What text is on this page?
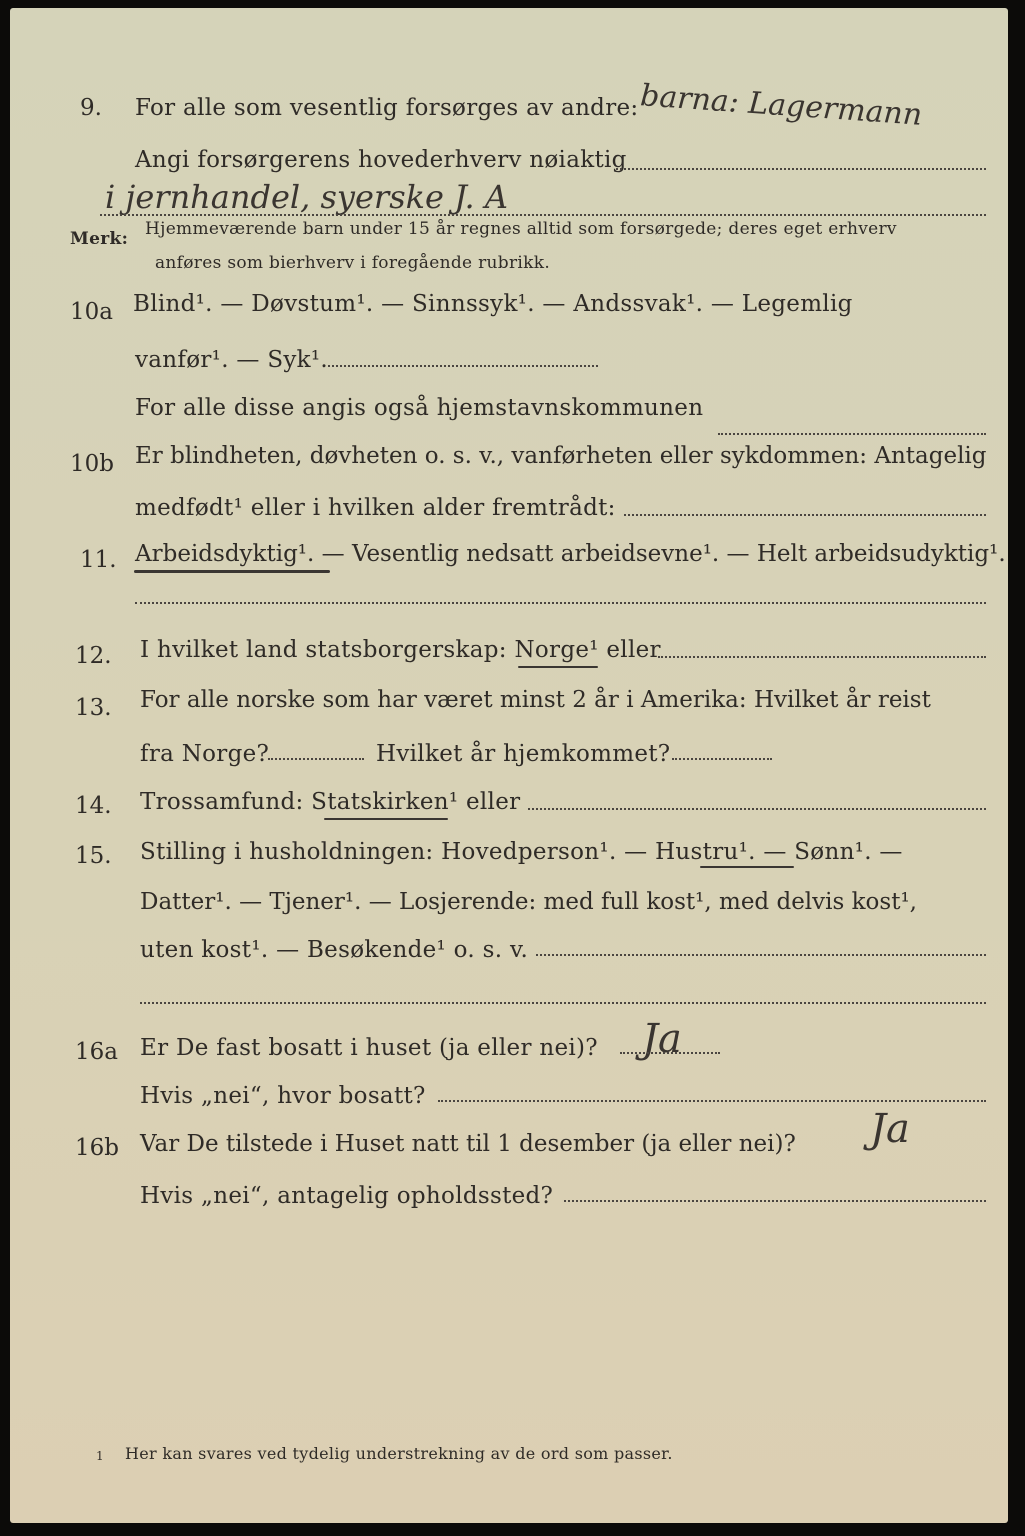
9. For alle som vesentlig forsørges av andre: barna: Lagermann
Angi forsørgerens hovederhverv nøiaktig
i jernhandel, syerske J. A
Merk: Hjemmeværende barn under 15 år regnes alltid som forsørgede; deres eget erhverv
anføres som bierhverv i foregående rubrikk.
10a Blind¹. — Døvstum¹. — Sinnssyk¹. — Andssvak¹. — Legemlig
vanfør¹. — Syk¹.
For alle disse angis også hjemstavnskommunen
10b Er blindheten, døvheten o. s. v., vanførheten eller sykdommen: Antagelig
medfødt¹ eller i hvilken alder fremtrådt:
11. Arbeidsdyktig¹. — Vesentlig nedsatt arbeidsevne¹. — Helt arbeidsudyktig¹.
12. I hvilket land statsborgerskap: Norge¹ eller
13. For alle norske som har været minst 2 år i Amerika: Hvilket år reist
fra Norge?	Hvilket år hjemkommet?
14. Trossamfund: Statskirken¹ eller
15. Stilling i husholdningen: Hovedperson¹. — Hustru¹. — Sønn¹. —
Datter¹. — Tjener¹. — Losjerende: med full kost¹, med delvis kost¹,
uten kost¹. — Besøkende¹ o. s. v.
16a Er De fast bosatt i huset (ja eller nei)? Ja
Hvis „nei“, hvor bosatt?
16b Var De tilstede i Huset natt til 1 desember (ja eller nei)? Ja
Hvis „nei“, antagelig opholdssted?
1 Her kan svares ved tydelig understrekning av de ord som passer.
